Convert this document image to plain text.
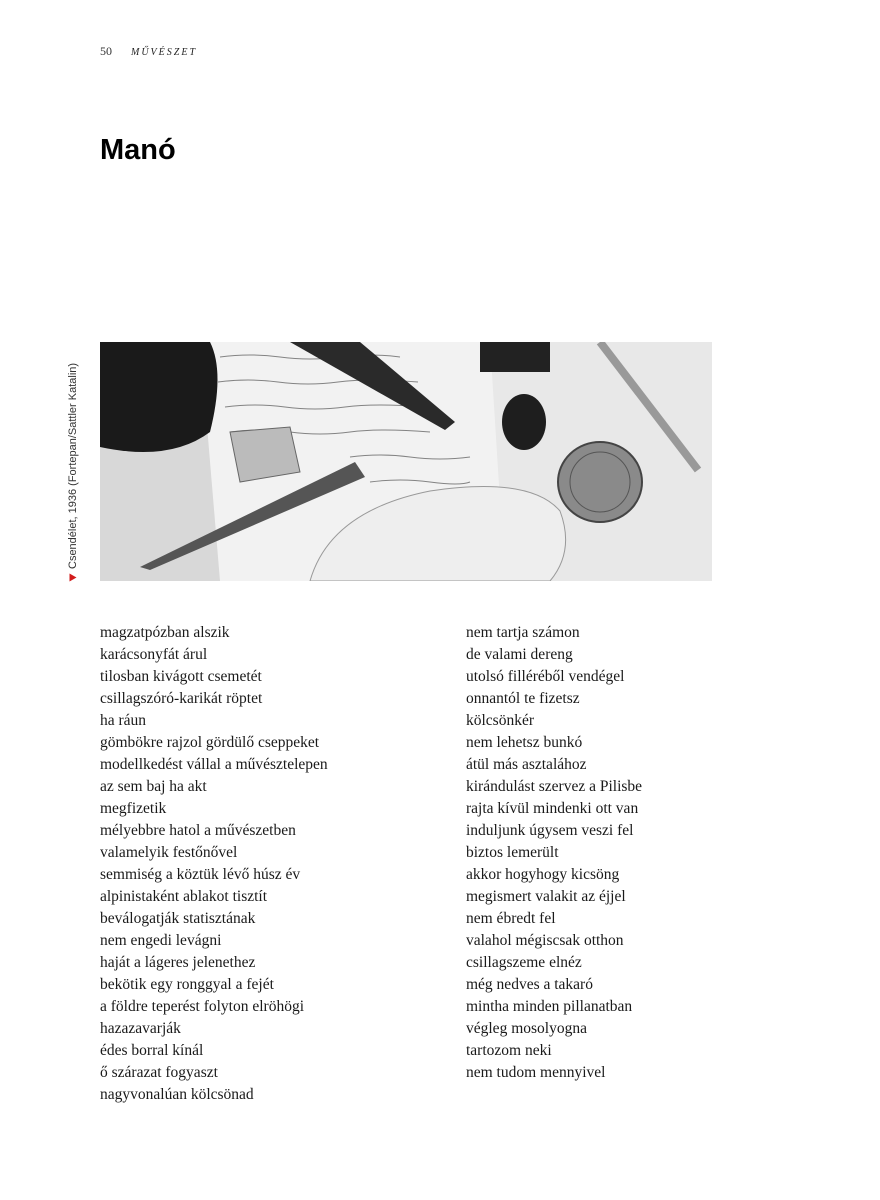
50 MŰVÉSZET
Manó
Csendélet, 1936 (Fortepan/Sattler Katalin)
magzatpózban alszik
karácsonyfát árul
tilosban kivágott csemetét
csillagszóró-karikát röptet
ha ráun
gömbökre rajzol gördülő cseppeket
modellkedést vállal a művésztelepen
az sem baj ha akt
megfizetik
mélyebbre hatol a művészetben
valamelyik festőnővel
semmiség a köztük lévő húsz év
alpinistaként ablakot tisztít
beválogatják statisztának
nem engedi levágni
haját a lágeres jelenethez
bekötik egy ronggyal a fejét
a földre teperést folyton elröhögi
hazazavarják
édes borral kínál
ő szárazat fogyaszt
nagyvonalúan kölcsönad
nem tartja számon
de valami dereng
utolsó filléréből vendégel
onnantól te fizetsz
kölcsönkér
nem lehetsz bunkó
átül más asztalához
kirándulást szervez a Pilisbe
rajta kívül mindenki ott van
induljunk úgysem veszi fel
biztos lemerült
akkor hogyhogy kicsöng
megismert valakit az éjjel
nem ébredt fel
valahol mégiscsak otthon
csillagszeme elnéz
még nedves a takaró
mintha minden pillanatban
végleg mosolyogna
tartozom neki
nem tudom mennyivel
